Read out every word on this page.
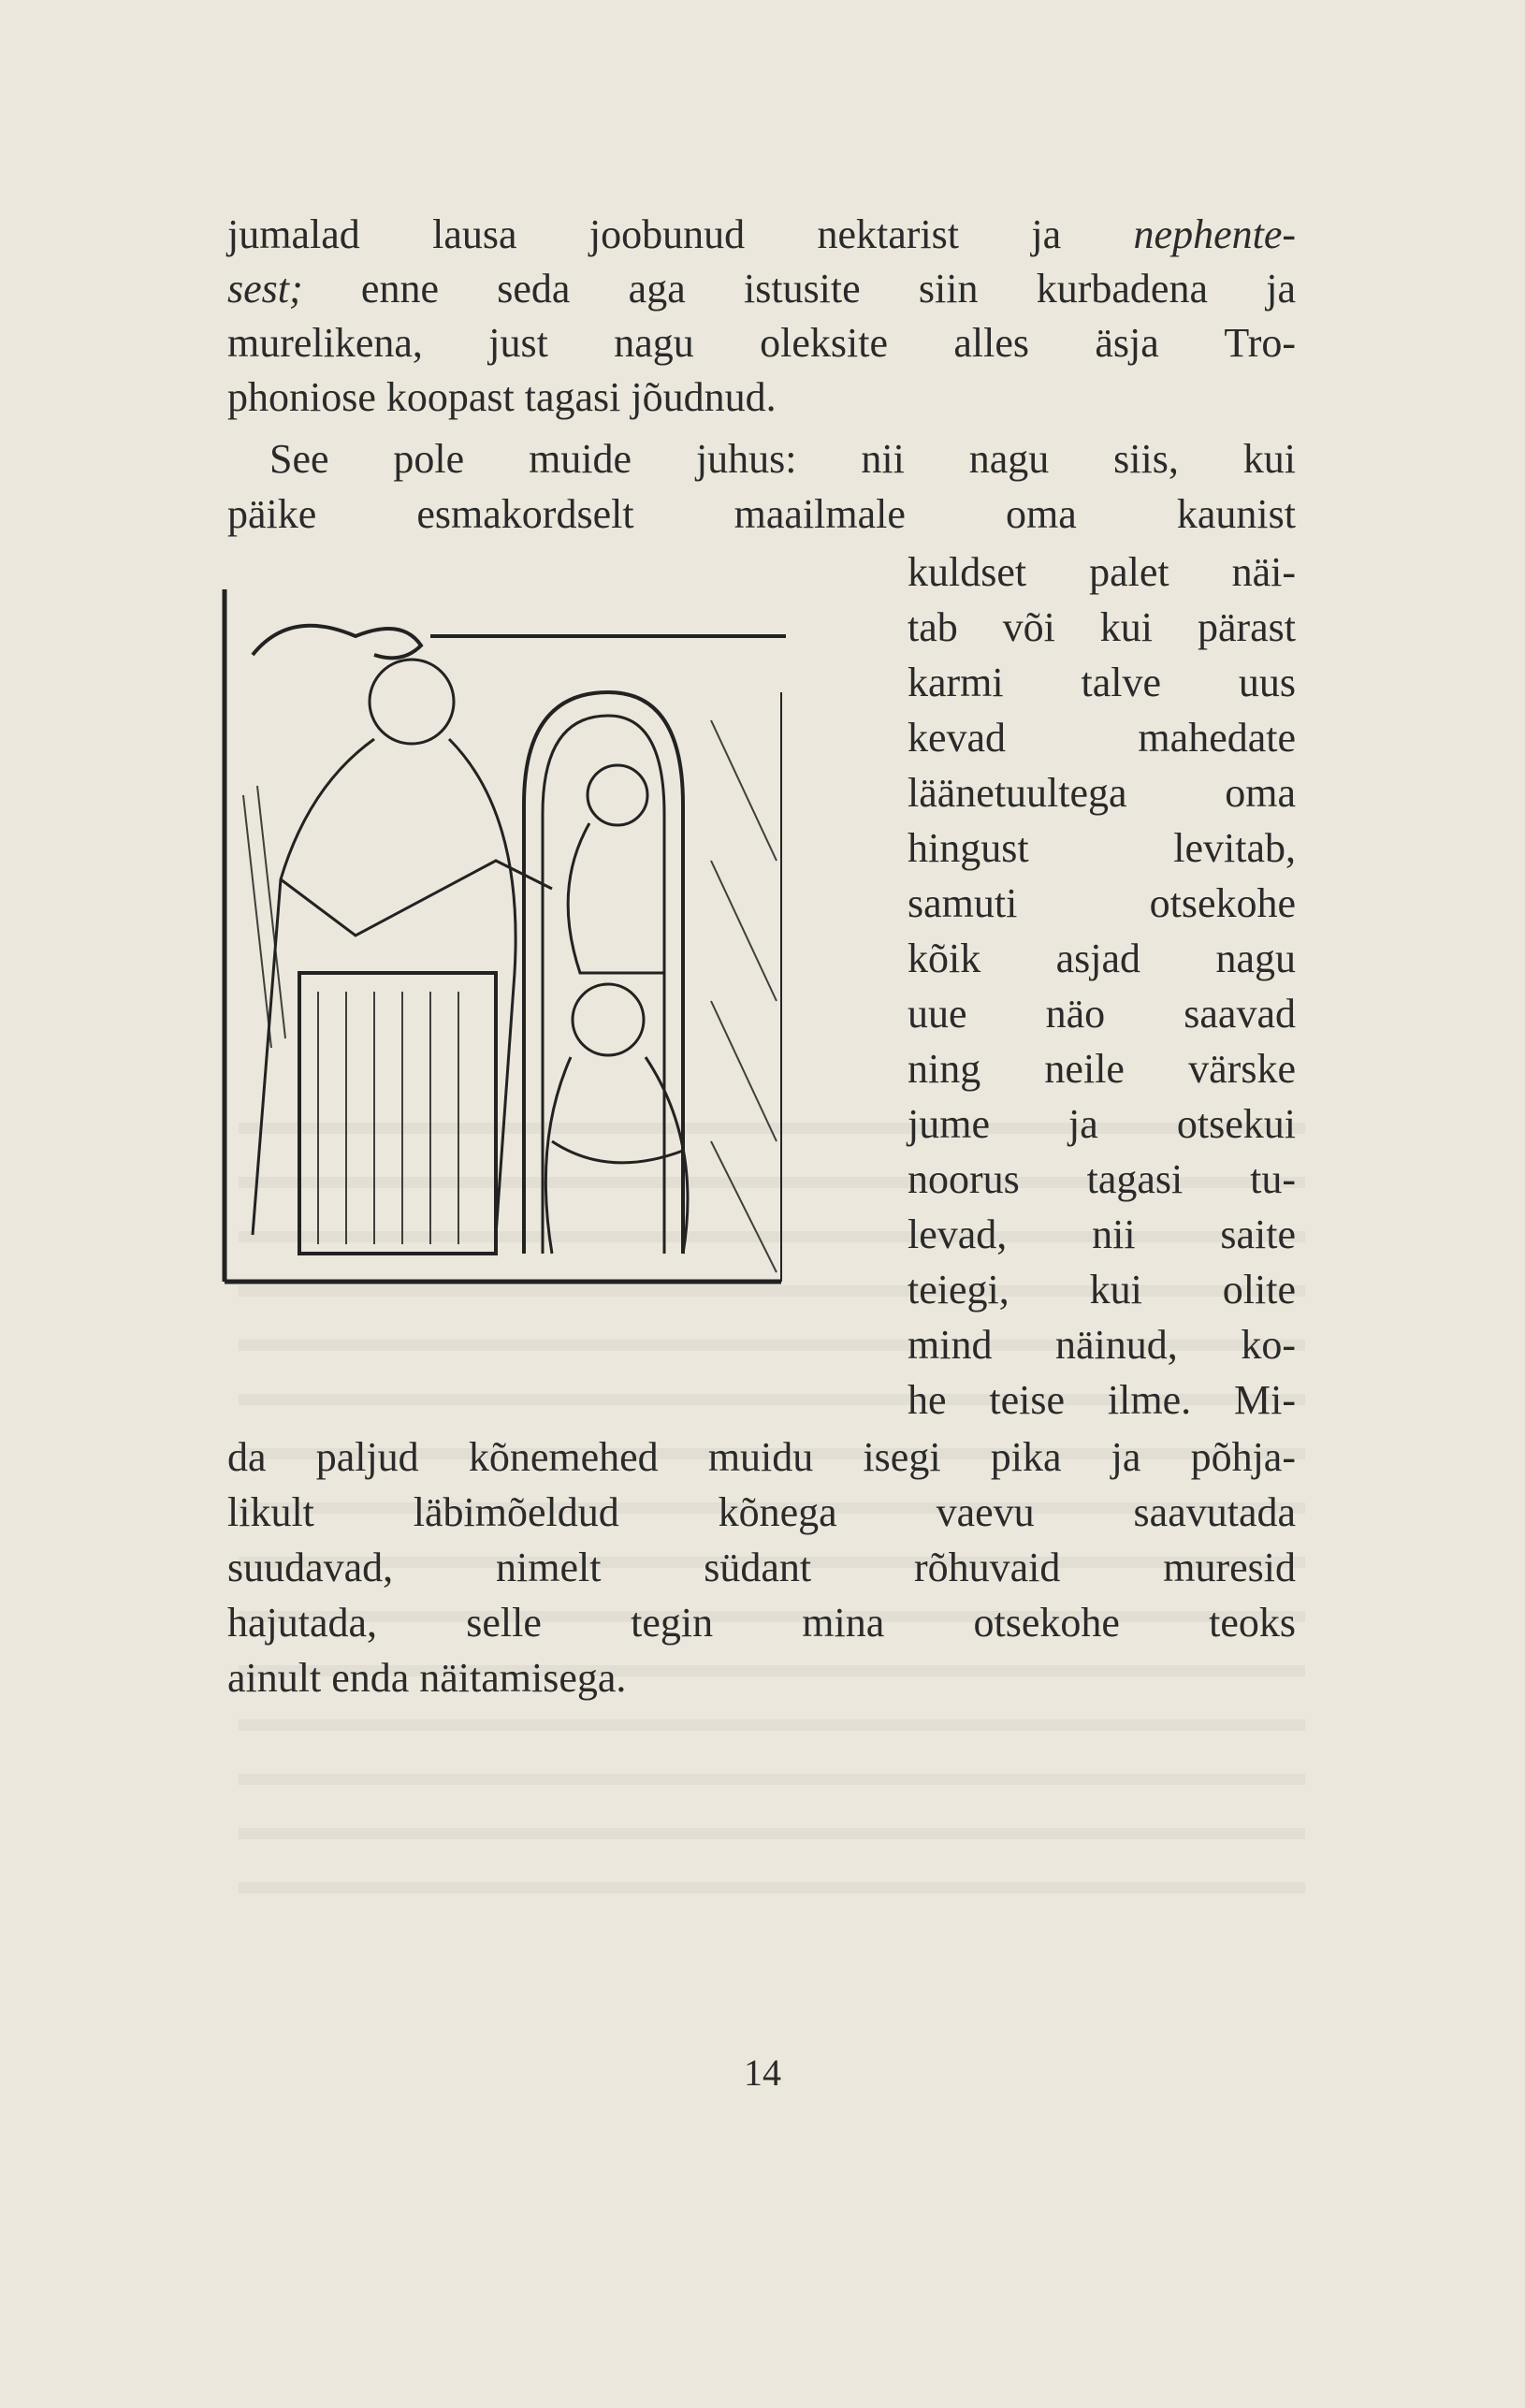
jumalad lausa joobunud nektarist ja nephente-
sest; enne seda aga istusite siin kurbadena ja
murelikena, just nagu oleksite alles äsja Tro-
phoniose koopast tagasi jõudnud.
See pole muide juhus: nii nagu siis, kui
päike esmakordselt maailmale oma kaunist
kuldset palet näi-
tab või kui pärast
karmi talve uus
kevad mahedate
läänetuultega oma
hingust levitab,
samuti otsekohe
kõik asjad nagu
uue näo saavad
ning neile värske
jume ja otsekui
noorus tagasi tu-
levad, nii saite
teiegi, kui olite
mind näinud, ko-
he teise ilme. Mi-
da paljud kõnemehed muidu isegi pika ja põhja-
likult läbimõeldud kõnega vaevu saavutada
suudavad, nimelt südant rõhuvaid muresid
hajutada, selle tegin mina otsekohe teoks
ainult enda näitamisega.
14
